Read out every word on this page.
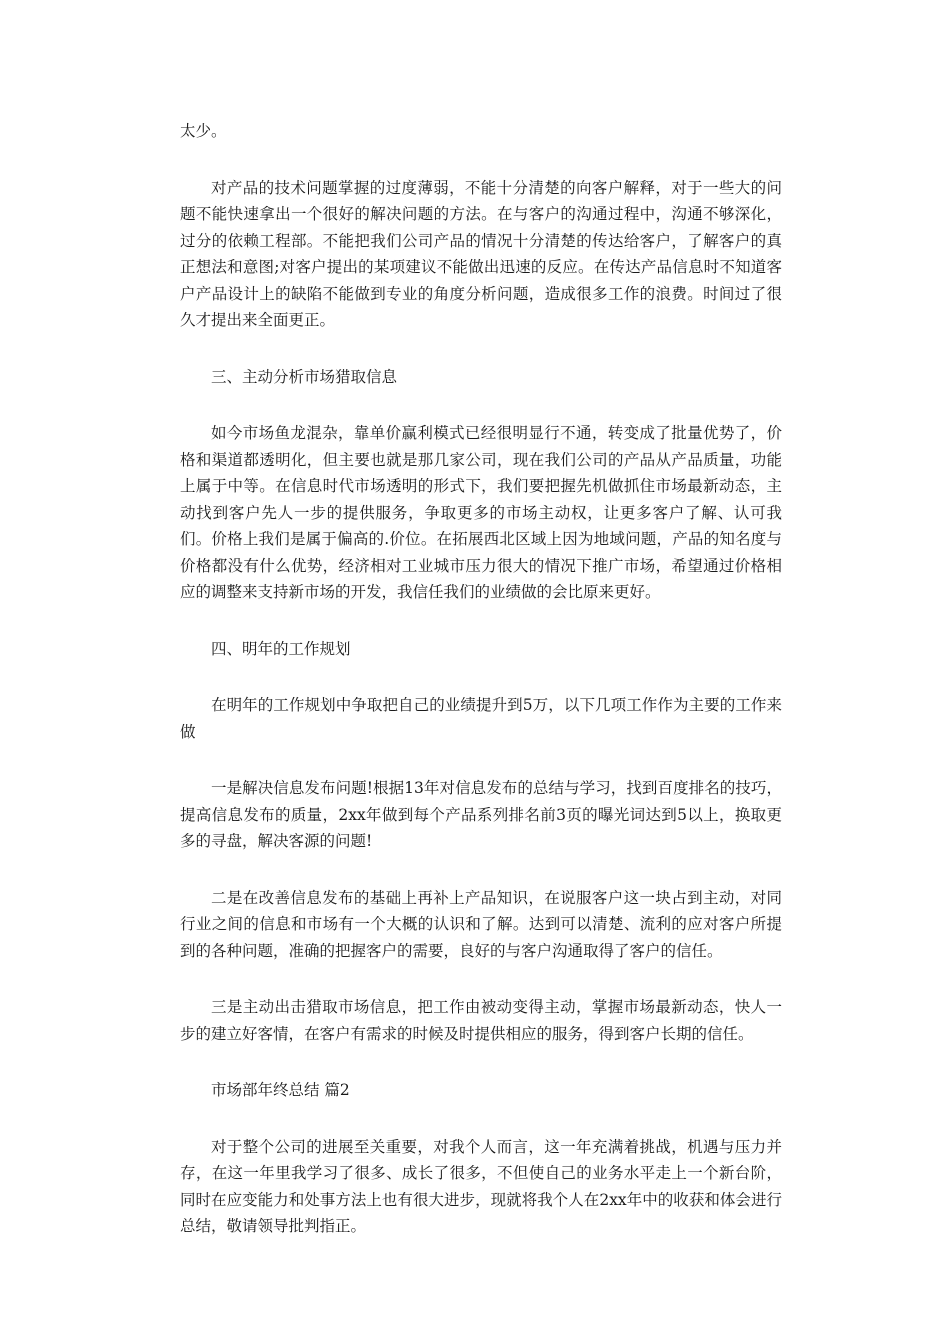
太少。

对产品的技术问题掌握的过度薄弱，不能十分清楚的向客户解释，对于一些大的问题不能快速拿出一个很好的解决问题的方法。在与客户的沟通过程中，沟通不够深化，过分的依赖工程部。不能把我们公司产品的情况十分清楚的传达给客户，了解客户的真正想法和意图;对客户提出的某项建议不能做出迅速的反应。在传达产品信息时不知道客户产品设计上的缺陷不能做到专业的角度分析问题，造成很多工作的浪费。时间过了很久才提出来全面更正。

三、主动分析市场猎取信息

如今市场鱼龙混杂，靠单价赢利模式已经很明显行不通，转变成了批量优势了，价格和渠道都透明化，但主要也就是那几家公司，现在我们公司的产品从产品质量，功能上属于中等。在信息时代市场透明的形式下，我们要把握先机做抓住市场最新动态，主动找到客户先人一步的提供服务，争取更多的市场主动权，让更多客户了解、认可我们。价格上我们是属于偏高的.价位。在拓展西北区域上因为地域问题，产品的知名度与价格都没有什么优势，经济相对工业城市压力很大的情况下推广市场，希望通过价格相应的调整来支持新市场的开发，我信任我们的业绩做的会比原来更好。

四、明年的工作规划

在明年的工作规划中争取把自己的业绩提升到5万，以下几项工作作为主要的工作来做

一是解决信息发布问题!根据13年对信息发布的总结与学习，找到百度排名的技巧，提高信息发布的质量，2xx年做到每个产品系列排名前3页的曝光词达到5以上，换取更多的寻盘，解决客源的问题!

二是在改善信息发布的基础上再补上产品知识，在说服客户这一块占到主动，对同行业之间的信息和市场有一个大概的认识和了解。达到可以清楚、流利的应对客户所提到的各种问题，准确的把握客户的需要，良好的与客户沟通取得了客户的信任。

三是主动出击猎取市场信息，把工作由被动变得主动，掌握市场最新动态，快人一步的建立好客情，在客户有需求的时候及时提供相应的服务，得到客户长期的信任。

市场部年终总结 篇2

对于整个公司的进展至关重要，对我个人而言，这一年充满着挑战，机遇与压力并存，在这一年里我学习了很多、成长了很多，不但使自己的业务水平走上一个新台阶，同时在应变能力和处事方法上也有很大进步，现就将我个人在2xx年中的收获和体会进行总结，敬请领导批判指正。
